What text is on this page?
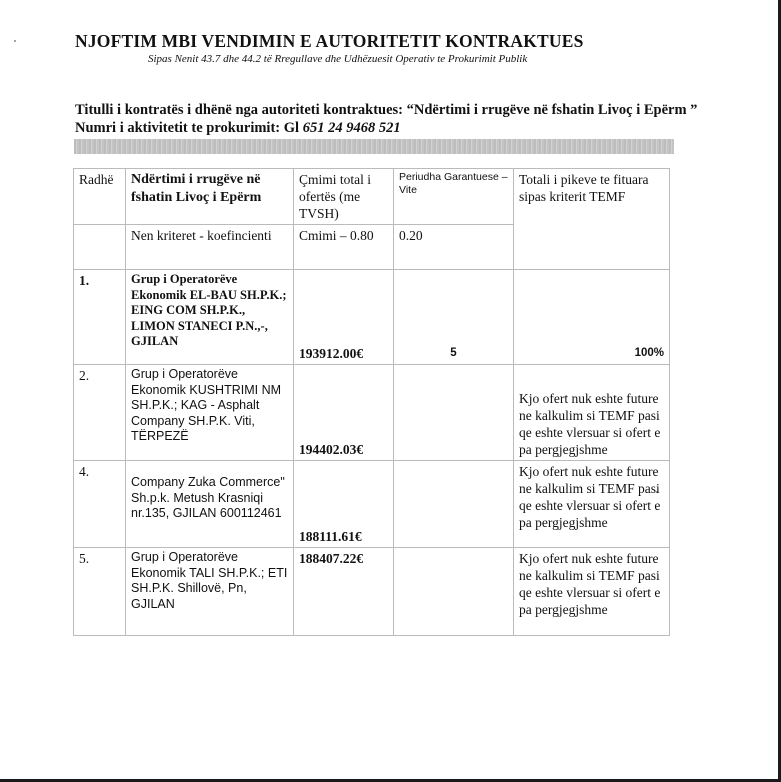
NJOFTIM MBI VENDIMIN E AUTORITETIT KONTRAKTUES
Sipas Nenit 43.7 dhe 44.2 të Rregullave dhe Udhëzuesit Operativ te Prokurimit Publik
Titulli i kontratës i dhënë nga autoriteti kontraktues: “Ndërtimi i rrugëve në fshatin Livoç i Epërm ” Numri i aktivitetit te prokurimit: Gl 651 24 9468 521
Radhë	Ndërtimi i rrugëve në fshatin Livoç i Epërm	Çmimi total i ofertës (me TVSH)	Periudha Garantuese – Vite	Totali i pikeve te fituara sipas kriterit TEMF
	Nen kriteret - koefincienti	Cmimi – 0.80	0.20	
1.	Grup i Operatorëve Ekonomik EL-BAU SH.P.K.; EING COM SH.P.K., LIMON STANECI P.N.,-, GJILAN	193912.00€	5	100%
2.	Grup i Operatorëve Ekonomik KUSHTRIMI NM SH.P.K.; KAG - Asphalt Company SH.P.K. Viti, TËRPEZË	194402.03€		Kjo ofert nuk eshte future ne kalkulim si TEMF pasi qe eshte vlersuar si ofert e pa pergjegjshme
4.	Company Zuka Commerce" Sh.p.k. Metush Krasniqi nr.135, GJILAN 600112461	188111.61€		Kjo ofert nuk eshte future ne kalkulim si TEMF pasi qe eshte vlersuar si ofert e pa pergjegjshme
5.	Grup i Operatorëve Ekonomik TALI SH.P.K.; ETI SH.P.K. Shillovë, Pn, GJILAN	188407.22€		Kjo ofert nuk eshte future ne kalkulim si TEMF pasi qe eshte vlersuar si ofert e pa pergjegjshme
